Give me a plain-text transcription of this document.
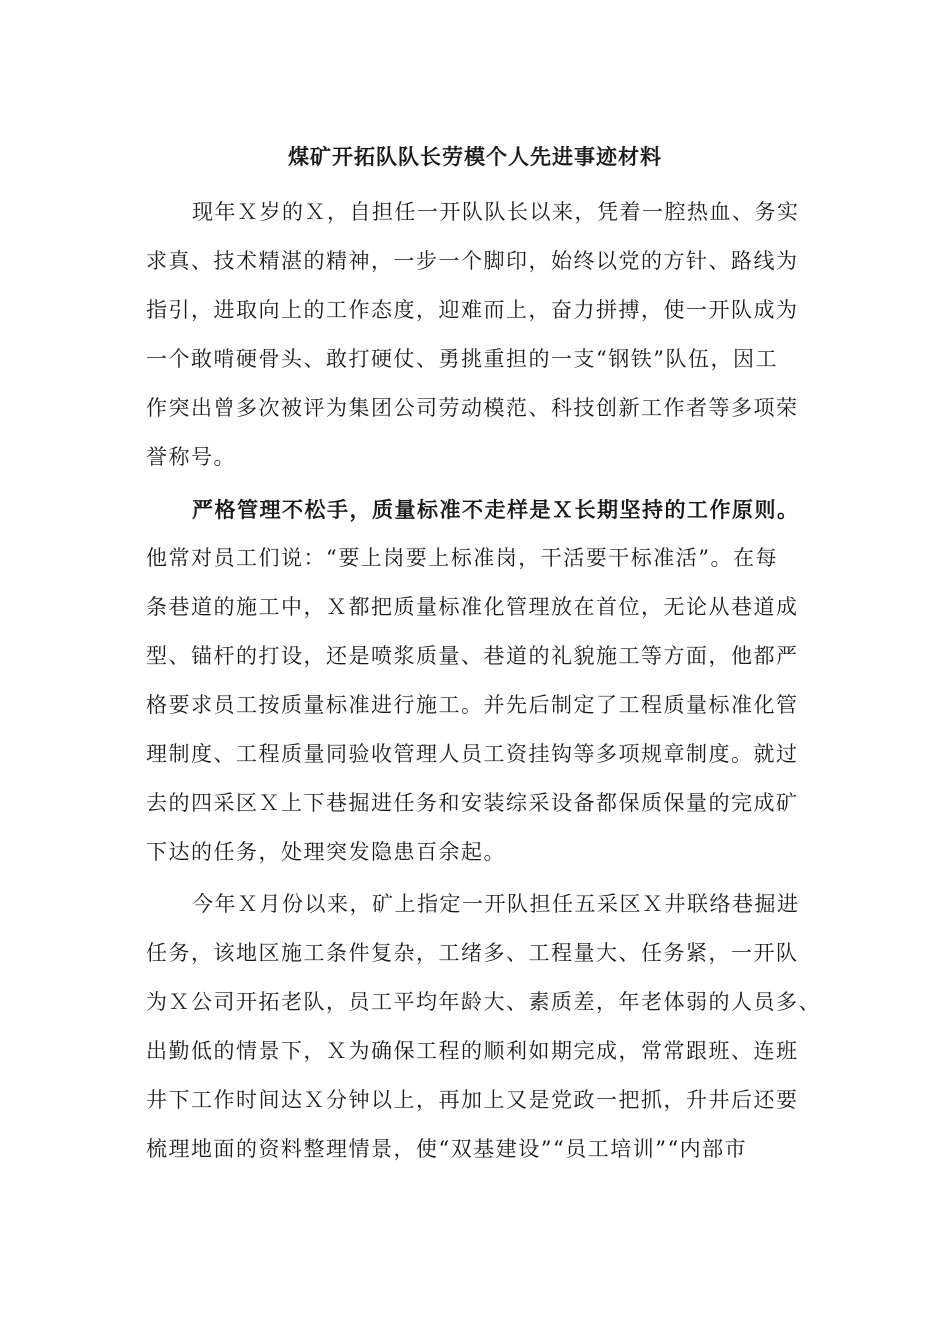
煤矿开拓队队长劳模个人先进事迹材料
现年Ｘ岁的Ｘ，自担任一开队队长以来，凭着一腔热血、务实
求真、技术精湛的精神，一步一个脚印，始终以党的方针、路线为
指引，进取向上的工作态度，迎难而上，奋力拼搏，使一开队成为
一个敢啃硬骨头、敢打硬仗、勇挑重担的一支“钢铁”队伍，因工
作突出曾多次被评为集团公司劳动模范、科技创新工作者等多项荣
誉称号。
严格管理不松手，质量标准不走样是Ｘ长期坚持的工作原则。
他常对员工们说：“要上岗要上标准岗，干活要干标准活”。在每
条巷道的施工中，Ｘ都把质量标准化管理放在首位，无论从巷道成
型、锚杆的打设，还是喷浆质量、巷道的礼貌施工等方面，他都严
格要求员工按质量标准进行施工。并先后制定了工程质量标准化管
理制度、工程质量同验收管理人员工资挂钩等多项规章制度。就过
去的四采区Ｘ上下巷掘进任务和安装综采设备都保质保量的完成矿
下达的任务，处理突发隐患百余起。
今年Ｘ月份以来，矿上指定一开队担任五采区Ｘ井联络巷掘进
任务，该地区施工条件复杂，工绪多、工程量大、任务紧，一开队
为Ｘ公司开拓老队，员工平均年龄大、素质差，年老体弱的人员多、
出勤低的情景下，Ｘ为确保工程的顺利如期完成，常常跟班、连班
井下工作时间达Ｘ分钟以上，再加上又是党政一把抓，升井后还要
梳理地面的资料整理情景，使“双基建设”“员工培训”“内部市
